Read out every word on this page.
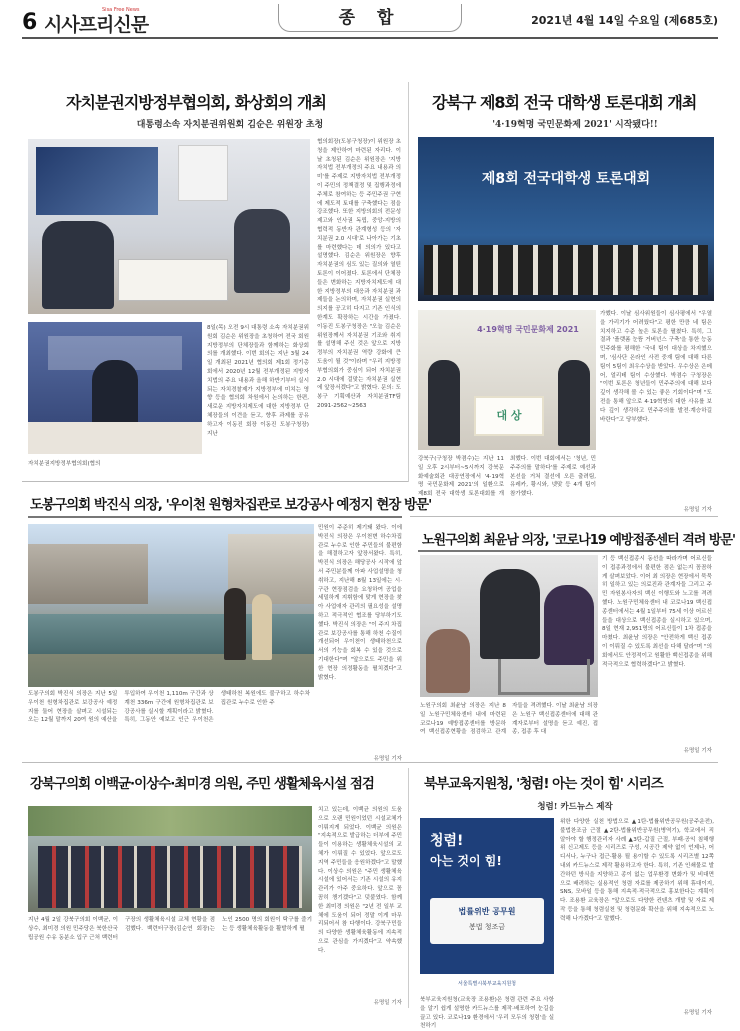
6 시사프리신문
Sisa Free News	종 합	2021년 4월 14일 수요일 (제685호)
자치분권지방정부협의회, 화상회의 개최
대통령소속 자치분권위원회 김순은 위원장 초청
8일(목) 오전 9시 대통령 소속 자치분권위원회 김순은 위원장을 초청하여 전국 회원 지방정부의 단체장들과 함께하는 화상회의를 개최했다. 이번 회의는 지난 3월 24일 개최된 2021년 협의회 제1회 정기총회에서 2020년 12월 전부개정된 지방자치법의 주요 내용과 올해 하반기부터 실시되는 자치경찰제가 지방정부에 미치는 영향 등을 협의회 차원에서 논의하는 한편, 새로운 지방자치제도에 대한 지방정부 단체장들의 이견을 듣고, 향후 과제를 공유하고자 이동진 회장 이동진 도봉구청장) 지난
자치분권지방정부협의회(협의
협의회장(도봉구청장)이 위원장 초청을 제안하여 마련된 자리다. 이날 초청된 김순은 위원장은 '지방자치법 전부개정의 주요 내용과 의미'를 주제로 지방자치법 전부개정이 주민의 정책결정 및 집행과정에 주체로 참여하는 등 주민주권 구현에 제도적 토대를 구축했다는 점을 강조했다. 또한 지방의회의 전문성 제고와 인사권 독립, 중앙-지방의 협력적 동반자 관계형성 등의 '자치분권 2.0 시대'로 나아가는 기초를 마련했다는 데 의의가 있다고 설명했다. 김순은 위원장은 향후 자치분권의 심도 있는 질의와 열띤 토론이 이어졌다. 토론에서 단체장들은 변화하는 지방자치제도에 대한 지방정부의 대응과 자치분권 과제들을 논의하며, 자치분권 실현의 의지를 공고히 다지고 기존 인식의 한계도 확장하는 시간을 가졌다. 이동진 도봉구청장은 "오늘 김순은 위원장께서 자치분권 기조와 취지를 설명해 주신 것은 앞으로 지방정부의 자치분권 역량 강화에 큰 도움이 될 것"이라며 "우리 지방정부협의회가 중심이 되어 자치분권 2.0 시대에 걸맞는 자치분권 실현에 앞장서겠다"고 밝혔다. 문의: 도봉구 기획예산과 자치분권TF팀 2091-2562~2563
강북구 제8회 전국 대학생 토론대회 개최
'4·19혁명 국민문화제 2021' 시작됐다!!
제8회 전국대학생 토론대회
4·19혁명 국민문화제 2021
대 상
강북구(구청장 박겸수)는 지난 11일 오후 2시부터~5시까지 강북문화예술회관 대공연장에서 '4·19혁명 국민문화제 2021'의 일환으로 제8회 전국 대학생 토론대회를 개최했다. 이번 대회에서는 '청년, 민주주의를 말하다'를 주제로 예선과 본선을 거쳐 결선에 오른 출려팀, 유레카, 황시와, 넷맞 등 4개 팀이 참가했다.
가했다. 이날 심사위원들이 심사평에서 "우열을 가리기가 어려웠다"고 평한 만큼 네 팀은 치지하고 수준 높은 토론을 펼쳤다. 특히, 그 결과 '플랫폼 눈뜸 거버넌스 구축'을 통한 능동 민주화를 평해한 '국내 팀이 대상을 차지했으며, '심사단 온라인 사전 중재 팀에 대해 다른 팀이 5팀이 최우수상을 받았다. 우수상은 은메어, 얼리테 팀이 수상했다. 박겸수 구청장은 "이번 토론은 청년들이 민주주의에 대해 보다 깊이 생각해 볼 수 있는 좋은 기회이다"며 "도전을 통해 앞으로 4·19혁명의 대한 사유를 보다 깊이 생각하고 민주주의를 발전·계승하길 바란다"고 당부했다.
유명일 기자
도봉구의회 박진식 의장, '우이천 원형차집관로 보강공사 예정지 현장 방문'
도봉구의회 박진식 의장은 지난 5일 우이천 원형차집관로 보강공사 예정지를 둘어 현장을 살펴고 시설되는 오는 12월 말까지 20여 원의 예산을 투입하여 우이천 1,110m 구간과 상계천 336m 구간에 원형차집관로 보강공사를 실시할 계획이라고 밝혔다. 특히, 그동안 예보고 인근 우이천은 생태하천 복원에도 불구하고 하수차집관로 누수로 인한 주
민원이 주준히 제기돼 왔다. 이에 박진식 의장은 우이천변 하수차집관로 누수로 인한 주민들의 불편함을 해결하고자 앞장서왔다. 특히, 박진식 의장은 해당공사 시작에 앞서 주민분들께 아파 사업설명을 청취하고, 지난해 8월 13일에는 시·구관 현장점검을 요청하여 공업을 세밀하게 지휘함에 맞게 현장을 찾아 사업애자 관리의 필요성을 설명하고 적극적인 협조를 당부하기도 했다. 박진식 의장은 "이 주지 차집관로 보강공사를 통해 하천 수질이 개선되어 우이천이 생태하천으로서의 기능을 회복 수 있을 것으로 기대한다"며 "앞으로도 주민을 위한 현장 의정활동을 펼치겠다"고 밝혔다.
유명일 기자
노원구의회 최윤남 의장, '코로나19 예방접종센터 격려 방문'
노원구의회 최윤남 의장은 지난 8일 노원구민체육센터 내에 마련된 코로나19 예방접종센터를 방문하여 백신접종현황을 점검하고 관계자들을 격려했다. 이날 최윤남 의장은 노원구 백신접종센터에 대해 관계자로부터 설명을 듣고 예진, 접종, 접종 후 대
기 등 백신접종시 동선을 따라가며 어르신들이 접종과정에서 불편한 점은 없는지 꼼꼼하게 살펴보았다. 이어 최 의장은 현장에서 묵묵히 일하고 있는 의료진과 관계자들 그리고 주민 자원봉사자의 백신 이행도와 노고를 격려했다. 노원구민체육센터 내 코로나19 백신접종센터에서는 4월 1일부터 75세 이상 어르신들을 대상으로 백신접종을 실시하고 있으며, 8일 현재 2,951명의 어르신들이 1차 접종을 마쳤다. 최윤남 의장은 "안전하게 백신 접종이 이뤄질 수 있도록 최선을 다해 달라"며 "의회에서도 안정적이고 원활한 백신접종을 위해 적극적으로 협력하겠다"고 밝혔다.
유명일 기자
강북구의회 이백균·이상수·최미경 의원, 주민 생활체육시설 점검
지난 4월 2일 강북구의회 이백균, 이상수, 최미경 의원 민주당은 북한산국립공원 수유 동분소 입구 근처 백련터구장의 생활체육시설 교체 현황을 점검했다. 백련터구장(김순연 회장)는 노인 2500 명의 회원이 탁구를 즐기는 등 생활체육활동을 활발하게 펼
치고 있는데, 이백균 의원의 도움으로 오랜 민원이었던 시설교체가 이뤄지게 되었다. 이백균 의원은 "지속적으로 발급하는 더부에 주민들이 이용하는 생활체육시설의 교체가 이뤄질 수 있었다. 앞으로도 지역 주민들을 응원하겠다"고 말했다. 이상수 의원은 "주민 생활체육시설에 있어서는 기존 시설의 유지 관리가 아주 중요하다. 앞으로 꼼꼼히 챙기겠다"고 덧붙였다. 함께한 최미경 의원은 "2년 전 일부 교체에 도움이 되어 정말 이게 마무리되어서 참 다행이다. 강북구민들의 다양한 생활체육활동에 지속적으로 관심을 가지겠다"고 약속했다.
유명일 기자
북부교육지원청, '청렴! 아는 것이 힘' 시리즈
청렴! 카드뉴스 제작
청렴!
아는 것이 힘!
법률위반 공무원
봉법 청조금
서울특별시북부교육지원청
북부교육지원청(교육장 조용환)은 청렴 관련 주요 사항을 알기 쉽게 설명한 카드뉴스를 제작·배포하여 눈길을 끌고 있다. 코로나19 환경에서 '우리 모두의 청렴'을 실천하기
위한 다양한 실천 방법으로 ▲1탄-법률위반공무원(공주운전), 불법찬조금 근절 ▲2탄-법률위반공무원(병역기), 학교에서 직 알아야 할 행정관리자 사례 ▲3탄-갑질 근절, 부패·공익 침해행위 신고제도 등을 시리즈로 구성, 시공간 제약 없이 언제나, 어디서나, 누구나 접근·활용 될 용이할 수 있도록 시리즈별 12쪽 내외 카드뉴스로 제작 활용하고자 한다. 특히, 기존 인쇄물로 발간하던 방식을 지양하고 종이 없는 업무환경 변화가 및 비대면으로 배려하는 실용적인 청렴 자료를 제공하기 위해 휴대이지, SNS, 모바일 등을 통해 지속적·적극적으로 홍보한다는 계획이다. 조용환 교육장은 "앞으로도 다양한 컨텐츠 개발 및 자료 제작 등을 통해 청렴실천 및 청렴문화 확산을 위해 지속적으로 노력해 나가겠다"고 말했다.
유명일 기자
